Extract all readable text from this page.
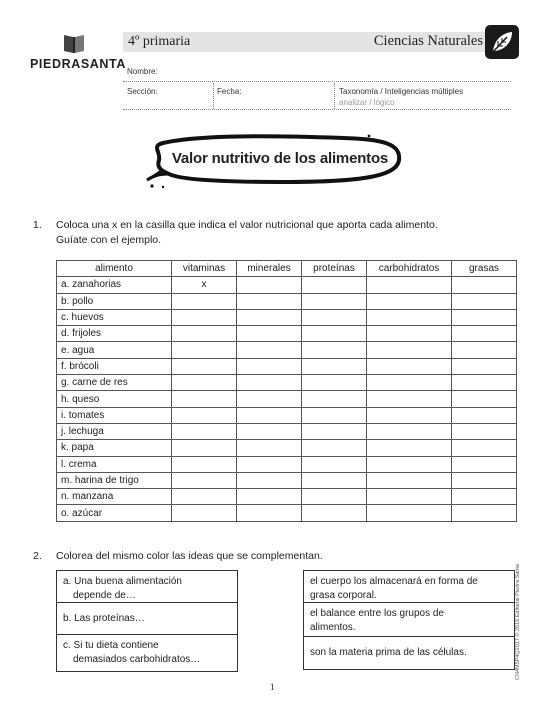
PIEDRASANTA
4º primaria	Ciencias Naturales
Nombre:
Sección:	Fecha:	Taxonomía / Inteligencias múltiples
analizar / lógico
Valor nutritivo de los alimentos
1. Coloca una x en la casilla que indica el valor nutricional que aporta cada alimento.
Guíate con el ejemplo.
alimento	vitaminas	minerales	proteínas	carbohidratos	grasas
a. zanahorias	x				
b. pollo					
c. huevos					
d. frijoles					
e. agua					
f. brócoli					
g. carne de res					
h. queso					
i. tomates					
j. lechuga					
k. papa					
l. crema					
m. harina de trigo					
n. manzana					
o. azúcar					
2. Colorea del mismo color las ideas que se complementan.
a. Una buena alimentación
depende de…
b. Las proteínas…
c. Si tu dieta contiene
demasiados carbohidratos…
el cuerpo los almacenará en forma de
grasa corporal.
el balance entre los grupos de
alimentos.
son la materia prima de las células.	CN4M5P4Q2017 © 2016 Editorial Piedra Santa
1
